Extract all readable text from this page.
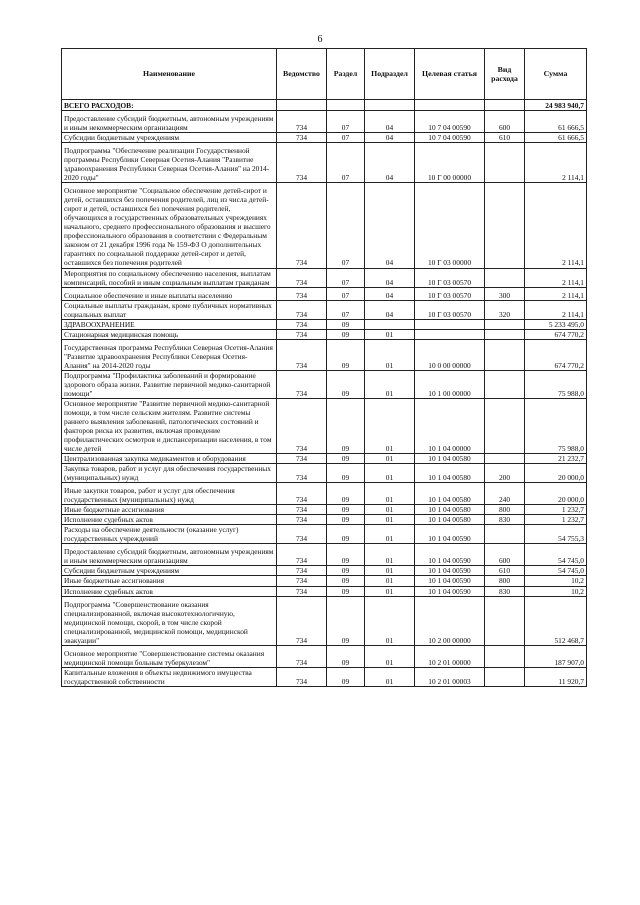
6
Наименование	Ведомство	Раздел	Подраздел	Целевая статья	Вид расхода	Сумма
ВСЕГО РАСХОДОВ:						24 983 940,7
Предоставление субсидий бюджетным, автономным учреждениям и иным некоммерческим организациям	734	07	04	10 7 04 00590	600	61 666,5
Субсидии бюджетным учреждениям	734	07	04	10 7 04 00590	610	61 666,5
Подпрограмма "Обеспечение реализации Государственной программы Республики Северная Осетия-Алания "Развитие здравоохранения Республики Северная Осетия-Алания" на 2014-2020 годы"	734	07	04	10 Г 00 00000		2 114,1
Основное мероприятие "Социальное обеспечение детей-сирот и детей, оставшихся без попечения родителей, лиц из числа детей-сирот и детей, оставшихся без попечения родителей, обучающихся в государственных образовательных учреждениях начального, среднего профессионального образования и высшего профессионального образования в соответствии с Федеральным законом от 21 декабря 1996 года № 159-ФЗ О дополнительных гарантиях по социальной поддержке детей-сирот и детей, оставшихся без попечения родителей	734	07	04	10 Г 03 00000		2 114,1
Мероприятия по социальному обеспечению населения, выплатам компенсаций, пособий и иным социальным выплатам гражданам	734	07	04	10 Г 03 00570		2 114,1
Социальное обеспечение и иные выплаты населению	734	07	04	10 Г 03 00570	300	2 114,1
Социальные выплаты гражданам, кроме публичных нормативных социальных выплат	734	07	04	10 Г 03 00570	320	2 114,1
ЗДРАВООХРАНЕНИЕ	734	09				5 233 495,0
Стационарная медицинская помощь	734	09	01			674 770,2
Государственная программа Республики Северная Осетия-Алания "Развитие здравоохранения Республики Северная Осетия-Алания" на 2014-2020 годы	734	09	01	10 0 00 00000		674 770,2
Подпрограмма "Профилактика заболеваний и формирование здорового образа жизни. Развитие первичной медико-санитарной помощи"	734	09	01	10 1 00 00000		75 988,0
Основное мероприятие "Развитие первичной медико-санитарной помощи, в том числе сельским жителям. Развитие системы раннего выявления заболеваний, патологических состояний и факторов риска их развития, включая проведение профилактических осмотров и диспансеризации населения, в том числе детей	734	09	01	10 1 04 00000		75 988,0
Централизованная закупка медикаментов и оборудования	734	09	01	10 1 04 00580		21 232,7
Закупка товаров, работ и услуг для обеспечения государственных (муниципальных) нужд	734	09	01	10 1 04 00580	200	20 000,0
Иные закупки товаров, работ и услуг для обеспечения государственных (муниципальных) нужд	734	09	01	10 1 04 00580	240	20 000,0
Иные бюджетные ассигнования	734	09	01	10 1 04 00580	800	1 232,7
Исполнение судебных актов	734	09	01	10 1 04 00580	830	1 232,7
Расходы на обеспечение деятельности (оказание услуг) государственных учреждений	734	09	01	10 1 04 00590		54 755,3
Предоставление субсидий бюджетным, автономным учреждениям и иным некоммерческим организациям	734	09	01	10 1 04 00590	600	54 745,0
Субсидии бюджетным учреждениям	734	09	01	10 1 04 00590	610	54 745,0
Иные бюджетные ассигнования	734	09	01	10 1 04 00590	800	10,2
Исполнение судебных актов	734	09	01	10 1 04 00590	830	10,2
Подпрограмма "Совершенствование оказания специализированной, включая высокотехнологичную, медицинской помощи, скорой, в том числе скорой специализированной, медицинской помощи, медицинской эвакуации"	734	09	01	10 2 00 00000		512 468,7
Основное мероприятие "Совершенствование системы оказания медицинской помощи больным туберкулезом"	734	09	01	10 2 01 00000		187 907,0
Капитальные вложения в объекты недвижимого имущества государственной собственности	734	09	01	10 2 01 00003		11 920,7
